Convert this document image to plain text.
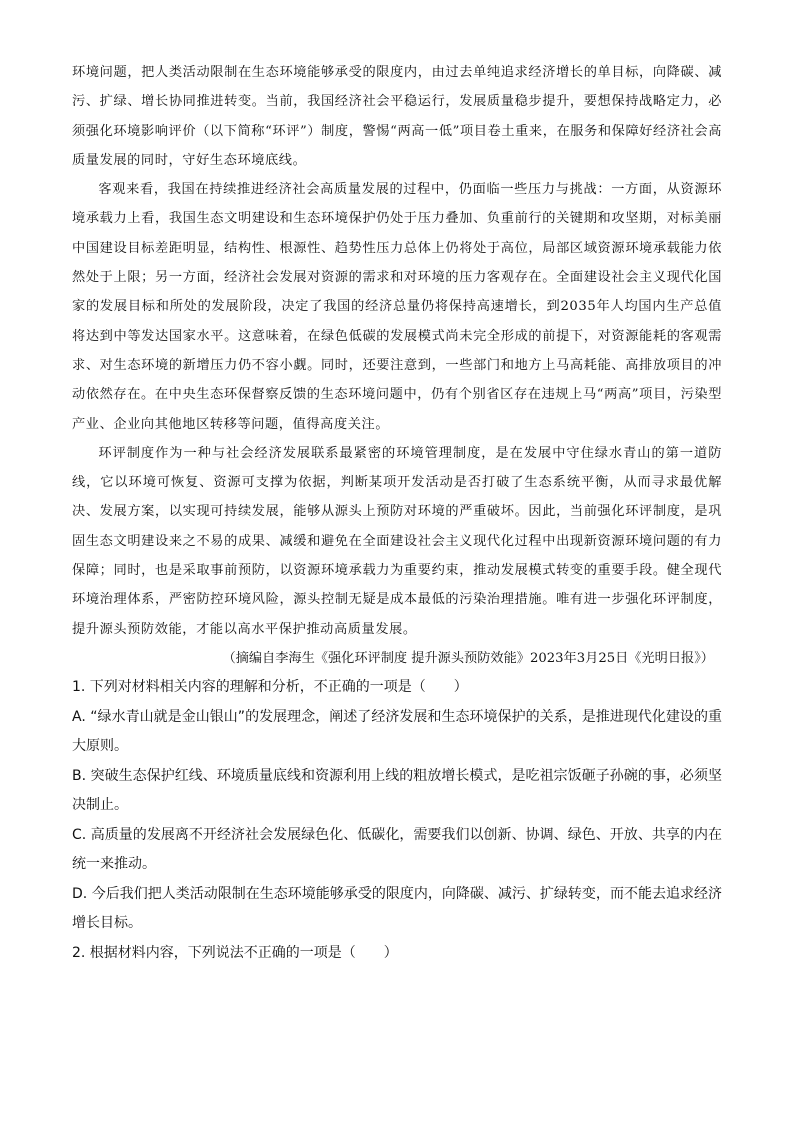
环境问题，把人类活动限制在生态环境能够承受的限度内，由过去单纯追求经济增长的单目标，向降碳、减污、扩绿、增长协同推进转变。当前，我国经济社会平稳运行，发展质量稳步提升，要想保持战略定力，必须强化环境影响评价（以下简称“环评”）制度，警惕“两高一低”项目卷土重来，在服务和保障好经济社会高质量发展的同时，守好生态环境底线。

客观来看，我国在持续推进经济社会高质量发展的过程中，仍面临一些压力与挑战：一方面，从资源环境承载力上看，我国生态文明建设和生态环境保护仍处于压力叠加、负重前行的关键期和攻坚期，对标美丽中国建设目标差距明显，结构性、根源性、趋势性压力总体上仍将处于高位，局部区域资源环境承载能力依然处于上限；另一方面，经济社会发展对资源的需求和对环境的压力客观存在。全面建设社会主义现代化国家的发展目标和所处的发展阶段，决定了我国的经济总量仍将保持高速增长，到2035年人均国内生产总值将达到中等发达国家水平。这意味着，在绿色低碳的发展模式尚未完全形成的前提下，对资源能耗的客观需求、对生态环境的新增压力仍不容小觑。同时，还要注意到，一些部门和地方上马高耗能、高排放项目的冲动依然存在。在中央生态环保督察反馈的生态环境问题中，仍有个别省区存在违规上马“两高”项目，污染型产业、企业向其他地区转移等问题，值得高度关注。

环评制度作为一种与社会经济发展联系最紧密的环境管理制度，是在发展中守住绿水青山的第一道防线，它以环境可恢复、资源可支撑为依据，判断某项开发活动是否打破了生态系统平衡，从而寻求最优解决、发展方案，以实现可持续发展，能够从源头上预防对环境的严重破坏。因此，当前强化环评制度，是巩固生态文明建设来之不易的成果、减缓和避免在全面建设社会主义现代化过程中出现新资源环境问题的有力保障；同时，也是采取事前预防，以资源环境承载力为重要约束，推动发展模式转变的重要手段。健全现代环境治理体系，严密防控环境风险，源头控制无疑是成本最低的污染治理措施。唯有进一步强化环评制度，提升源头预防效能，才能以高水平保护推动高质量发展。

（摘编自李海生《强化环评制度 提升源头预防效能》2023年3月25日《光明日报》）

1. 下列对材料相关内容的理解和分析，不正确的一项是（　　）

A. “绿水青山就是金山银山”的发展理念，阐述了经济发展和生态环境保护的关系，是推进现代化建设的重大原则。

B. 突破生态保护红线、环境质量底线和资源利用上线的粗放增长模式，是吃祖宗饭砸子孙碗的事，必须坚决制止。

C. 高质量的发展离不开经济社会发展绿色化、低碳化，需要我们以创新、协调、绿色、开放、共享的内在统一来推动。

D. 今后我们把人类活动限制在生态环境能够承受的限度内，向降碳、减污、扩绿转变，而不能去追求经济增长目标。

2. 根据材料内容，下列说法不正确的一项是（　　）
